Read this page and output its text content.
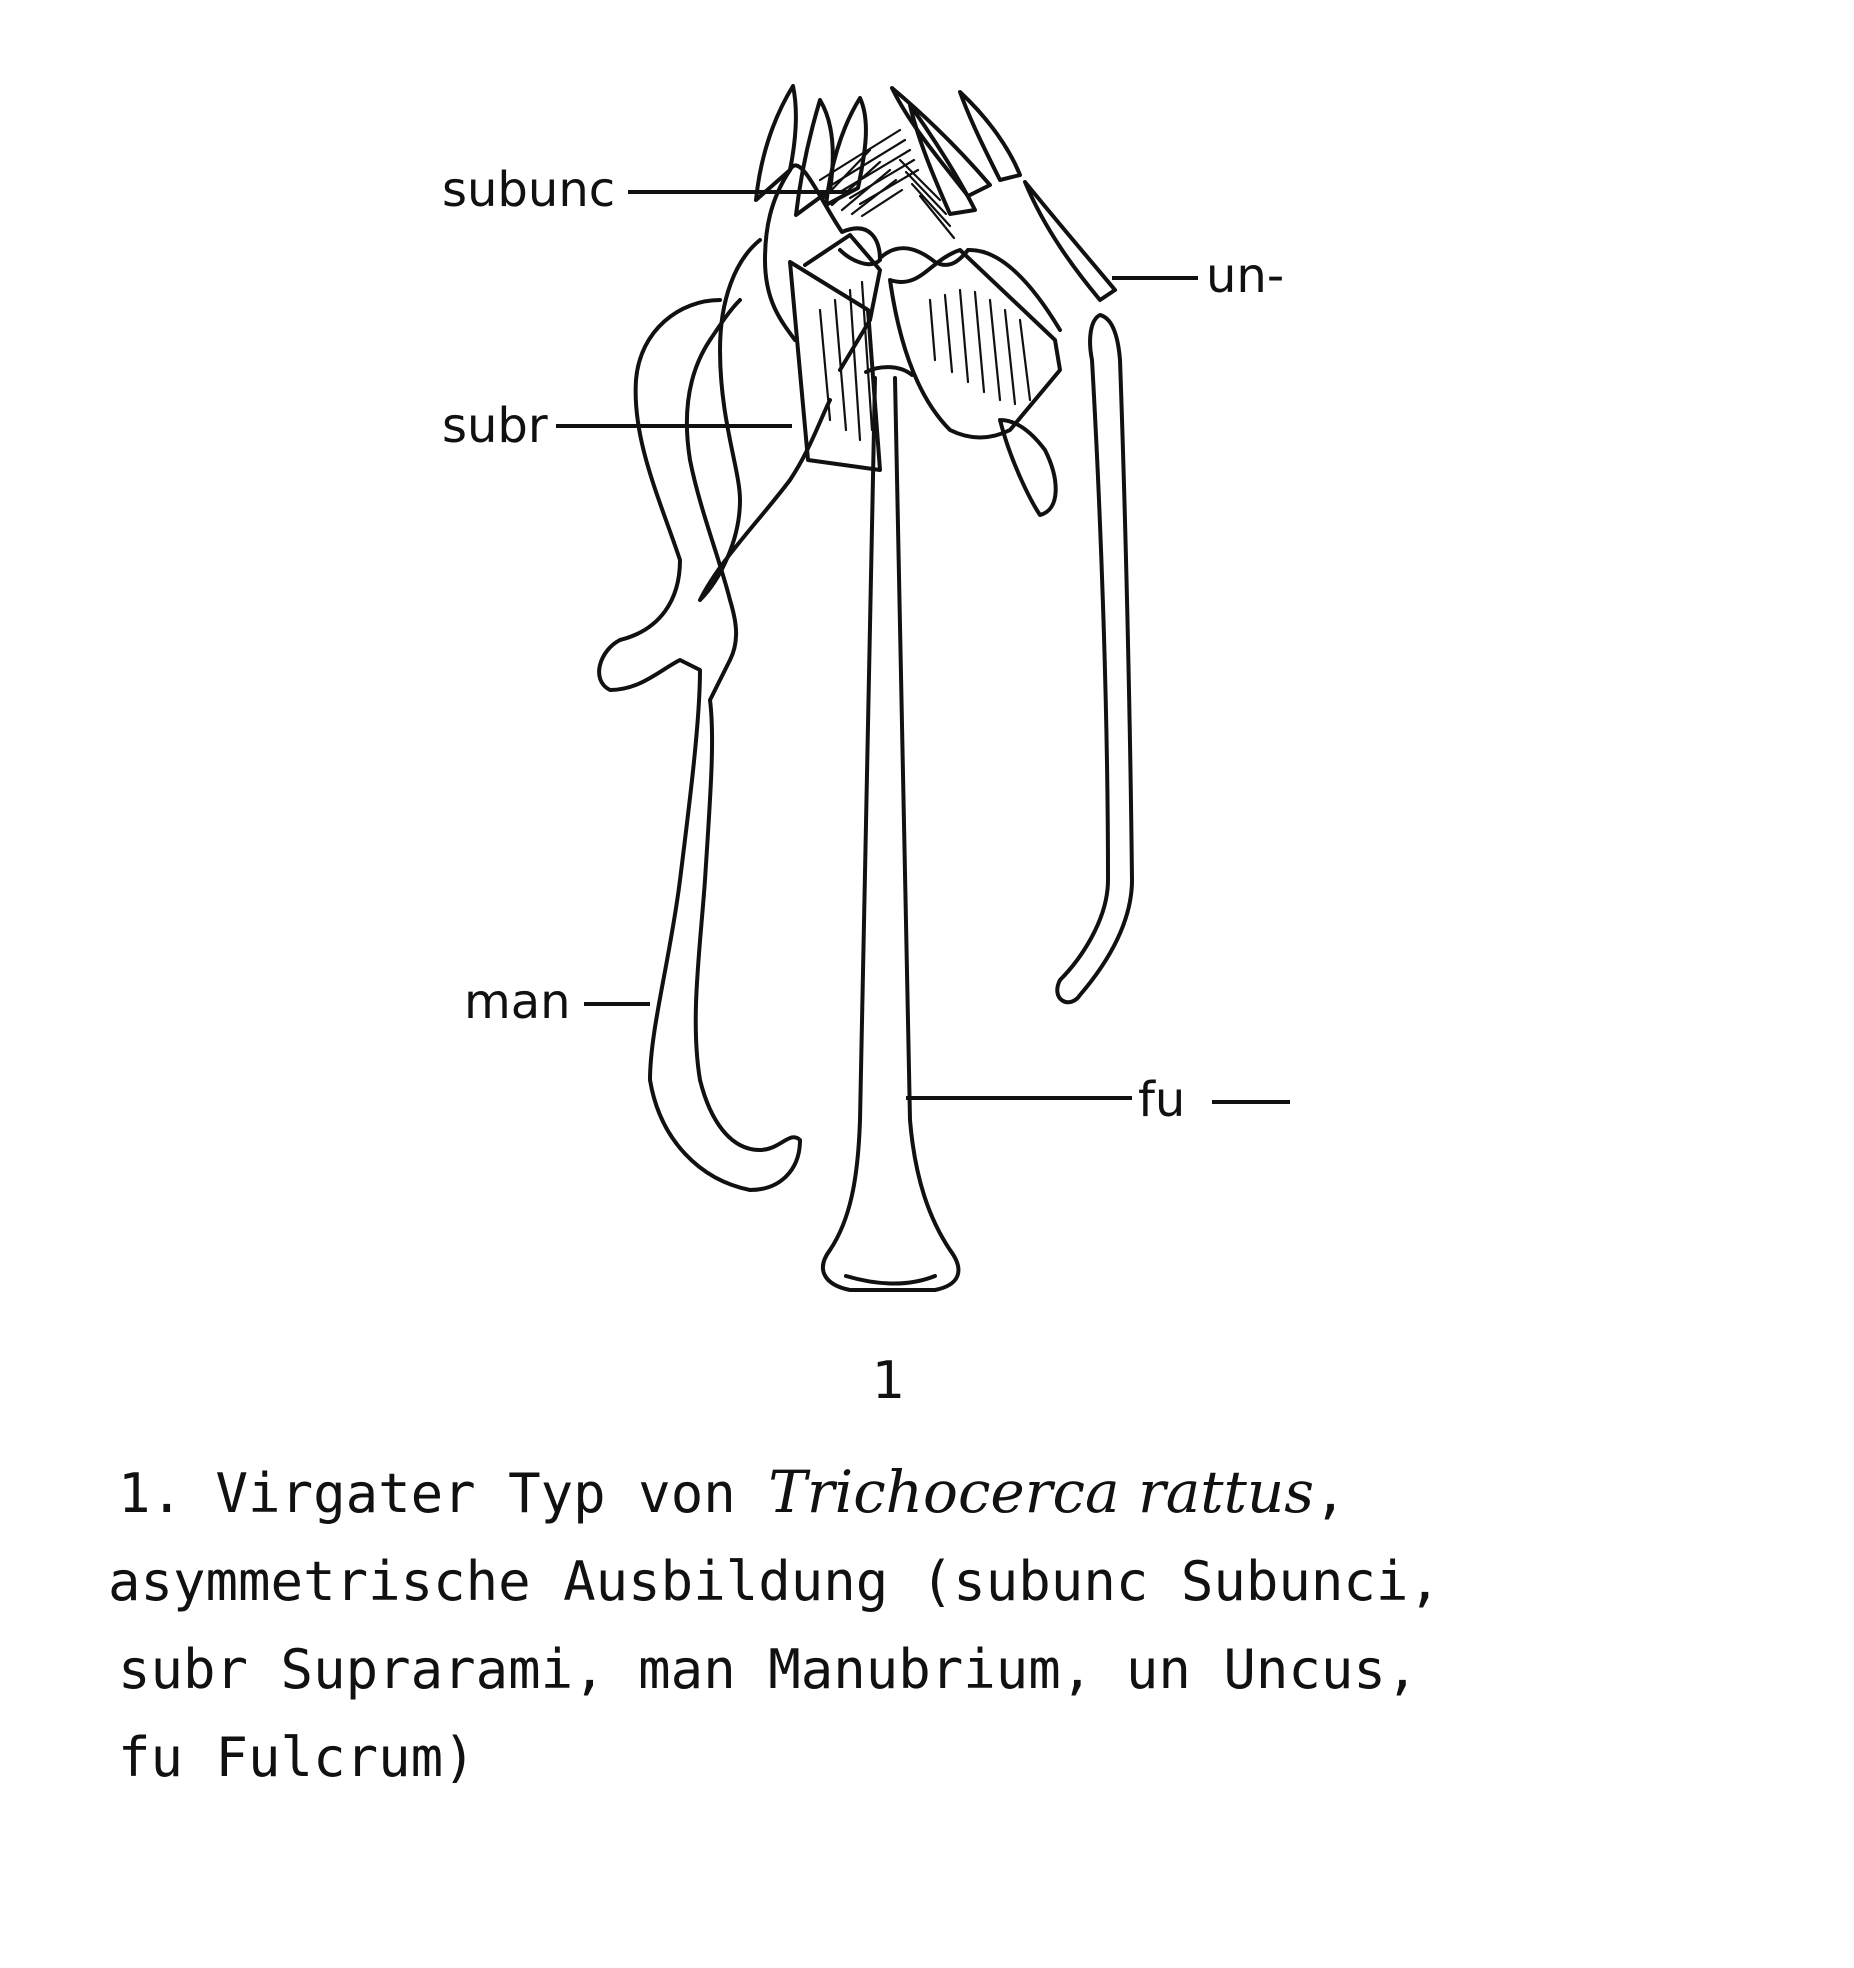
subunc
un-
subr
man
fu
1
1. Virgater Typ von Trichocerca rattus,
asymmetrische Ausbildung (subunc Subunci,
subr Suprarami, man Manubrium, un Uncus,
fu Fulcrum)
